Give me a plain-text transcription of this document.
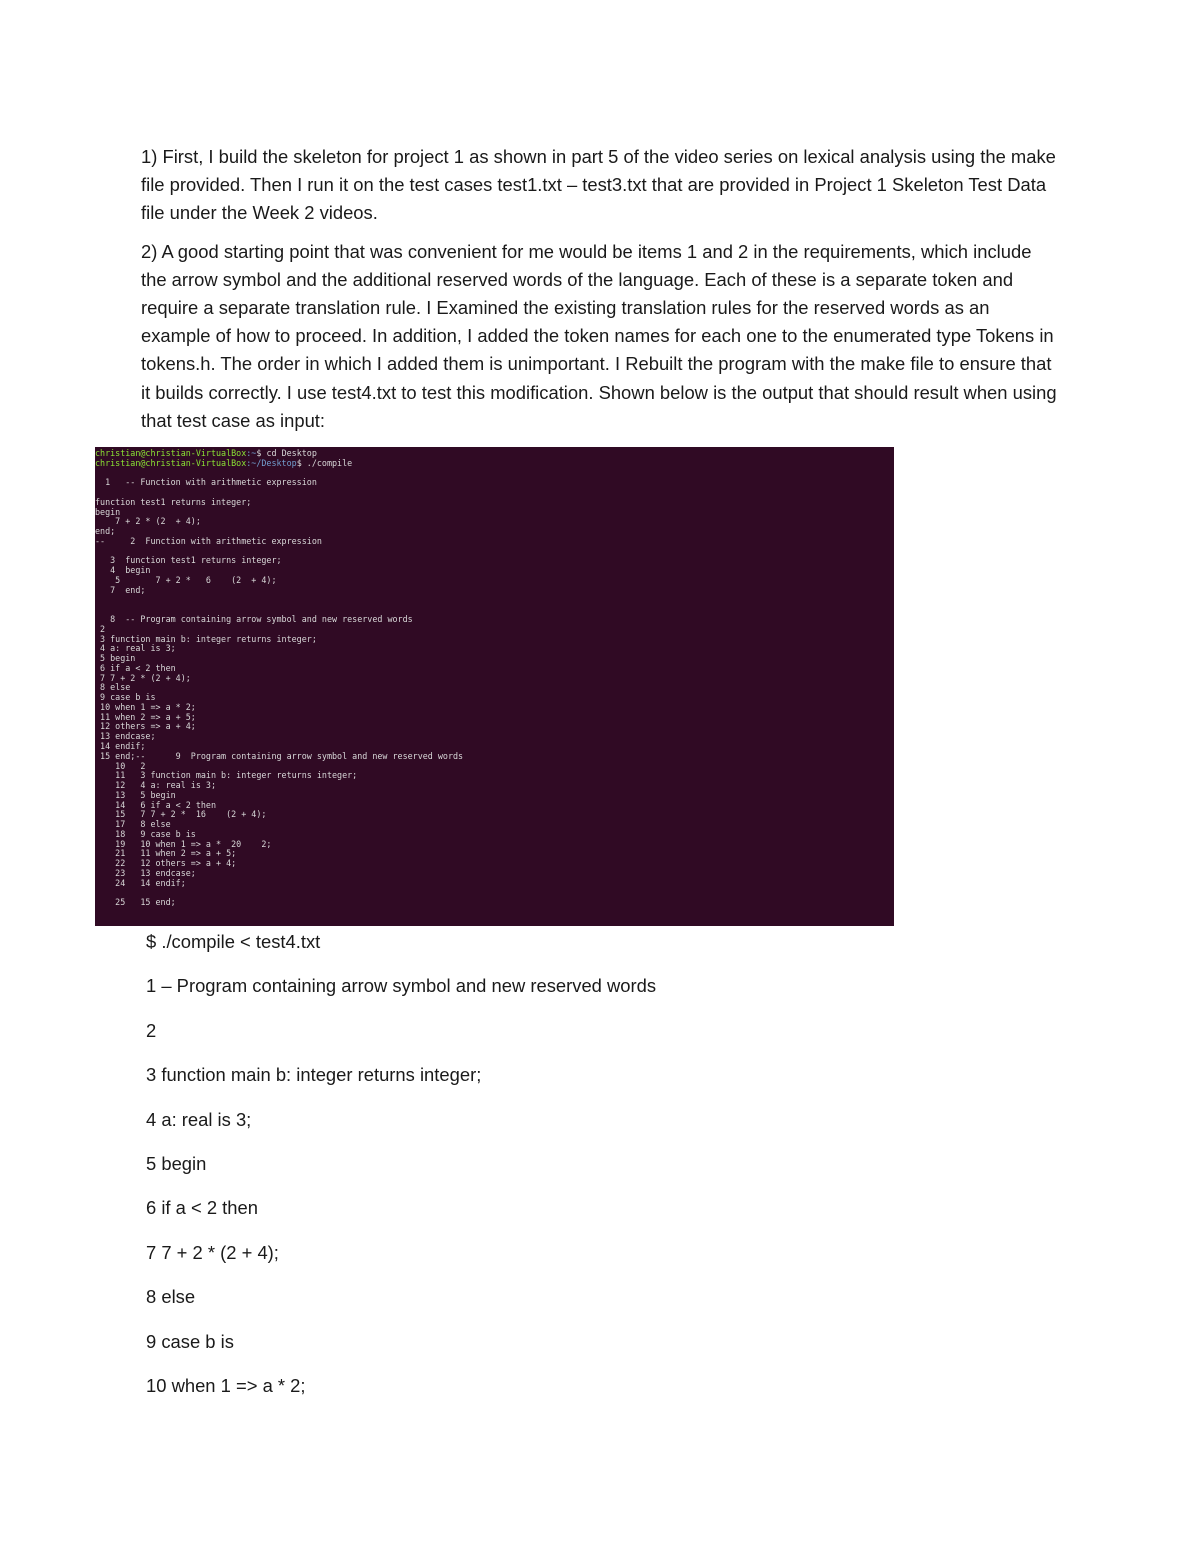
1) First, I build the skeleton for project 1 as shown in part 5 of the video series on lexical analysis using the make file provided. Then I run it on the test cases test1.txt – test3.txt that are provided in Project 1 Skeleton Test Data file under the Week 2 videos.

2) A good starting point that was convenient for me would be items 1 and 2 in the requirements, which include the arrow symbol and the additional reserved words of the language. Each of these is a separate token and require a separate translation rule. I Examined the existing translation rules for the reserved words as an example of how to proceed. In addition, I added the token names for each one to the enumerated type Tokens in tokens.h. The order in which I added them is unimportant. I Rebuilt the program with the make file to ensure that it builds correctly. I use test4.txt to test this modification. Shown below is the output that should result when using that test case as input:

christian@christian-VirtualBox:~$ cd Desktop
christian@christian-VirtualBox:~/Desktop$ ./compile
1   -- Function with arithmetic expression
function test1 returns integer;
begin
7 + 2 * (2  + 4);
end;
--     2  Function with arithmetic expression
3  function test1 returns integer;
4  begin
5       7 + 2 *   6    (2  + 4);
7  end;
8  -- Program containing arrow symbol and new reserved words
2
3 function main b: integer returns integer;
4 a: real is 3;
5 begin
6 if a < 2 then
7 7 + 2 * (2 + 4);
8 else
9 case b is
10 when 1 => a * 2;
11 when 2 => a + 5;
12 others => a + 4;
13 endcase;
14 endif;
15 end;--      9  Program containing arrow symbol and new reserved words
10   2
11   3 function main b: integer returns integer;
12   4 a: real is 3;
13   5 begin
14   6 if a < 2 then
15   7 7 + 2 *  16    (2 + 4);
17   8 else
18   9 case b is
19   10 when 1 => a *  20    2;
21   11 when 2 => a + 5;
22   12 others => a + 4;
23   13 endcase;
24   14 endif;
25   15 end;
$ ./compile < test4.txt
1 – Program containing arrow symbol and new reserved words
2
3 function main b: integer returns integer;
4 a: real is 3;
5 begin
6 if a < 2 then
7 7 + 2 * (2 + 4);
8 else
9 case b is
10 when 1 => a * 2;
